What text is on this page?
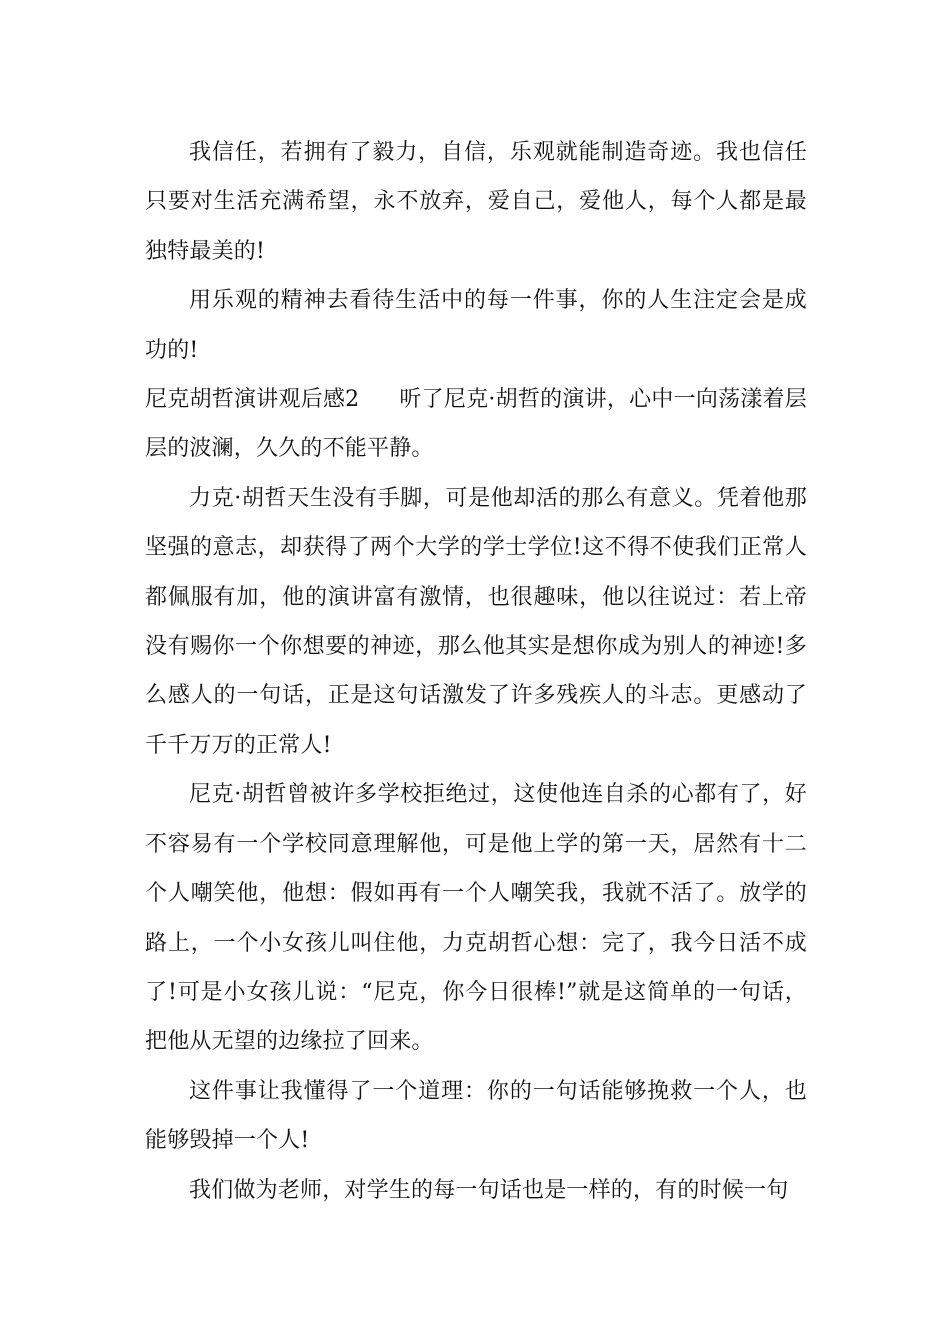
我信任，若拥有了毅力，自信，乐观就能制造奇迹。我也信任只要对生活充满希望，永不放弃，爱自己，爱他人，每个人都是最独特最美的!

用乐观的精神去看待生活中的每一件事，你的人生注定会是成功的!

尼克胡哲演讲观后感2 听了尼克·胡哲的演讲，心中一向荡漾着层层的波澜，久久的不能平静。

力克·胡哲天生没有手脚，可是他却活的那么有意义。凭着他那坚强的意志，却获得了两个大学的学士学位!这不得不使我们正常人都佩服有加，他的演讲富有激情，也很趣味，他以往说过：若上帝没有赐你一个你想要的神迹，那么他其实是想你成为别人的神迹!多么感人的一句话，正是这句话激发了许多残疾人的斗志。更感动了千千万万的正常人!

尼克·胡哲曾被许多学校拒绝过，这使他连自杀的心都有了，好不容易有一个学校同意理解他，可是他上学的第一天，居然有十二个人嘲笑他，他想：假如再有一个人嘲笑我，我就不活了。放学的路上，一个小女孩儿叫住他，力克胡哲心想：完了，我今日活不成了!可是小女孩儿说：“尼克，你今日很棒!”就是这简单的一句话，把他从无望的边缘拉了回来。

这件事让我懂得了一个道理：你的一句话能够挽救一个人，也能够毁掉一个人!

我们做为老师，对学生的每一句话也是一样的，有的时候一句
